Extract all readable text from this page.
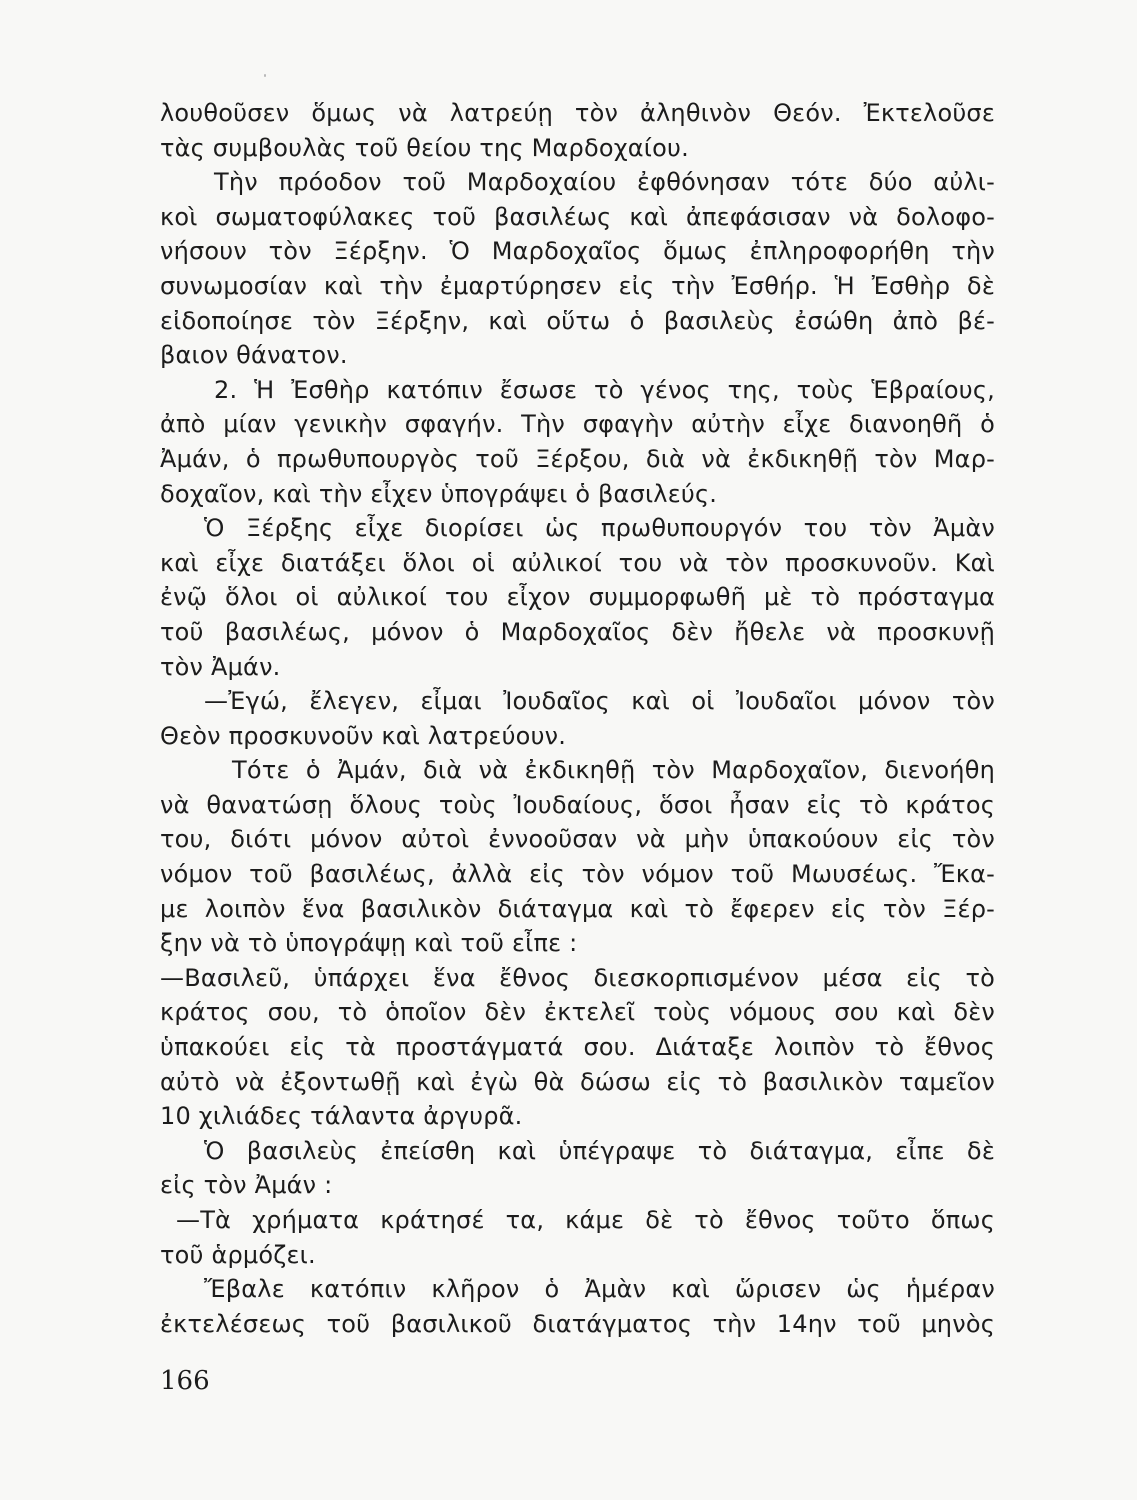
λουθοῦσεν ὅμως νὰ λατρεύῃ τὸν ἀληθινὸν Θεόν. Ἐκτελοῦσε
τὰς συμβουλὰς τοῦ θείου της Μαρδοχαίου.
Τὴν πρόοδον τοῦ Μαρδοχαίου ἐφθόνησαν τότε δύο αὐλι-
κοὶ σωματοφύλακες τοῦ βασιλέως καὶ ἀπεφάσισαν νὰ δολοφο-
νήσουν τὸν Ξέρξην. Ὁ Μαρδοχαῖος ὅμως ἐπληροφορήθη τὴν
συνωμοσίαν καὶ τὴν ἐμαρτύρησεν εἰς τὴν Ἐσθήρ. Ἡ Ἐσθὴρ δὲ
εἰδοποίησε τὸν Ξέρξην, καὶ οὕτω ὁ βασιλεὺς ἐσώθη ἀπὸ βέ-
βαιον θάνατον.
2. Ἡ Ἐσθὴρ κατόπιν ἔσωσε τὸ γένος της, τοὺς Ἑβραίους,
ἀπὸ μίαν γενικὴν σφαγήν. Τὴν σφαγὴν αὐτὴν εἶχε διανοηθῆ ὁ
Ἀμάν, ὁ πρωθυπουργὸς τοῦ Ξέρξου, διὰ νὰ ἐκδικηθῇ τὸν Μαρ-
δοχαῖον, καὶ τὴν εἶχεν ὑπογράψει ὁ βασιλεύς.
Ὁ Ξέρξης εἶχε διορίσει ὡς πρωθυπουργόν του τὸν Ἀμὰν
καὶ εἶχε διατάξει ὅλοι οἱ αὐλικοί του νὰ τὸν προσκυνοῦν. Καὶ
ἐνῷ ὅλοι οἱ αὐλικοί του εἶχον συμμορφωθῆ μὲ τὸ πρόσταγμα
τοῦ βασιλέως, μόνον ὁ Μαρδοχαῖος δὲν ἤθελε νὰ προσκυνῇ
τὸν Ἀμάν.
—Ἐγώ, ἔλεγεν, εἶμαι Ἰουδαῖος καὶ οἱ Ἰουδαῖοι μόνον τὸν
Θεὸν προσκυνοῦν καὶ λατρεύουν.
Τότε ὁ Ἀμάν, διὰ νὰ ἐκδικηθῇ τὸν Μαρδοχαῖον, διενοήθη
νὰ θανατώσῃ ὅλους τοὺς Ἰουδαίους, ὅσοι ἦσαν εἰς τὸ κράτος
του, διότι μόνον αὐτοὶ ἐννοοῦσαν νὰ μὴν ὑπακούουν εἰς τὸν
νόμον τοῦ βασιλέως, ἀλλὰ εἰς τὸν νόμον τοῦ Μωυσέως. Ἔκα-
με λοιπὸν ἕνα βασιλικὸν διάταγμα καὶ τὸ ἔφερεν εἰς τὸν Ξέρ-
ξην νὰ τὸ ὑπογράψῃ καὶ τοῦ εἶπε :
—Βασιλεῦ, ὑπάρχει ἕνα ἔθνος διεσκορπισμένον μέσα εἰς τὸ
κράτος σου, τὸ ὁποῖον δὲν ἐκτελεῖ τοὺς νόμους σου καὶ δὲν
ὑπακούει εἰς τὰ προστάγματά σου. Διάταξε λοιπὸν τὸ ἔθνος
αὐτὸ νὰ ἐξοντωθῇ καὶ ἐγὼ θὰ δώσω εἰς τὸ βασιλικὸν ταμεῖον
10 χιλιάδες τάλαντα ἀργυρᾶ.
Ὁ βασιλεὺς ἐπείσθη καὶ ὑπέγραψε τὸ διάταγμα, εἶπε δὲ
εἰς τὸν Ἀμάν :
—Τὰ χρήματα κράτησέ τα, κάμε δὲ τὸ ἔθνος τοῦτο ὅπως
τοῦ ἁρμόζει.
Ἔβαλε κατόπιν κλῆρον ὁ Ἀμὰν καὶ ὥρισεν ὡς ἡμέραν
ἐκτελέσεως τοῦ βασιλικοῦ διατάγματος τὴν 14ην τοῦ μηνὸς
166
